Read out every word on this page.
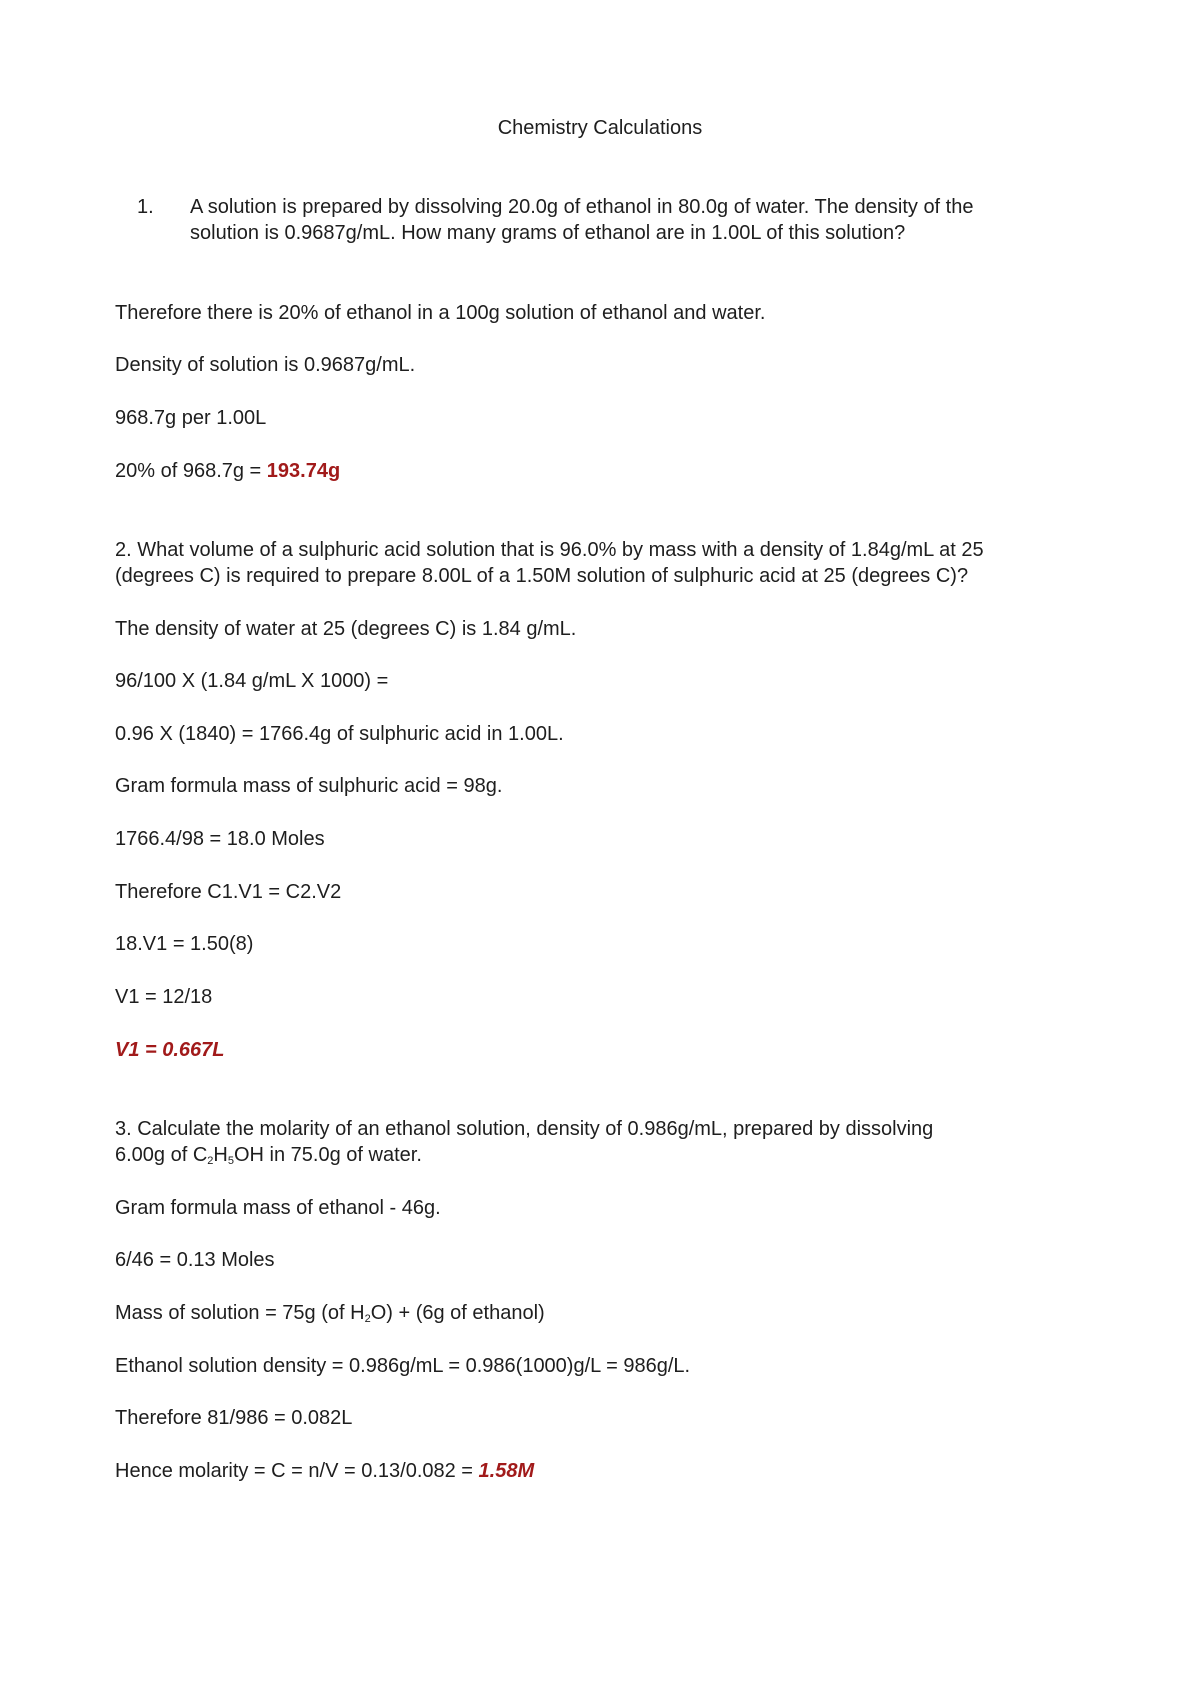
Chemistry Calculations
1. A solution is prepared by dissolving 20.0g of ethanol in 80.0g of water. The density of the
solution is 0.9687g/mL. How many grams of ethanol are in 1.00L of this solution?
Therefore there is 20% of ethanol in a 100g solution of ethanol and water.
Density of solution is 0.9687g/mL.
968.7g per 1.00L
20% of 968.7g = 193.74g
2. What volume of a sulphuric acid solution that is 96.0% by mass with a density of 1.84g/mL at 25
(degrees C) is required to prepare 8.00L of a 1.50M solution of sulphuric acid at 25 (degrees C)?
The density of water at 25 (degrees C) is 1.84 g/mL.
96/100 X (1.84 g/mL X 1000) =
0.96 X (1840) = 1766.4g of sulphuric acid in 1.00L.
Gram formula mass of sulphuric acid = 98g.
1766.4/98 = 18.0 Moles
Therefore C1.V1 = C2.V2
18.V1 = 1.50(8)
V1 = 12/18
V1 = 0.667L
3. Calculate the molarity of an ethanol solution, density of 0.986g/mL, prepared by dissolving
6.00g of $C_2H_5OH$ in 75.0g of water.
Gram formula mass of ethanol - 46g.
6/46 = 0.13 Moles
Mass of solution = 75g (of $H_2O) + (6g$ of ethanol)
Ethanol solution density = 0.986g/mL = 0.986(1000)g/L = 986g/L.
Therefore 81/986 = 0.082L
Hence molarity = C = n/V = 0.13/0.082 = 1.58M
